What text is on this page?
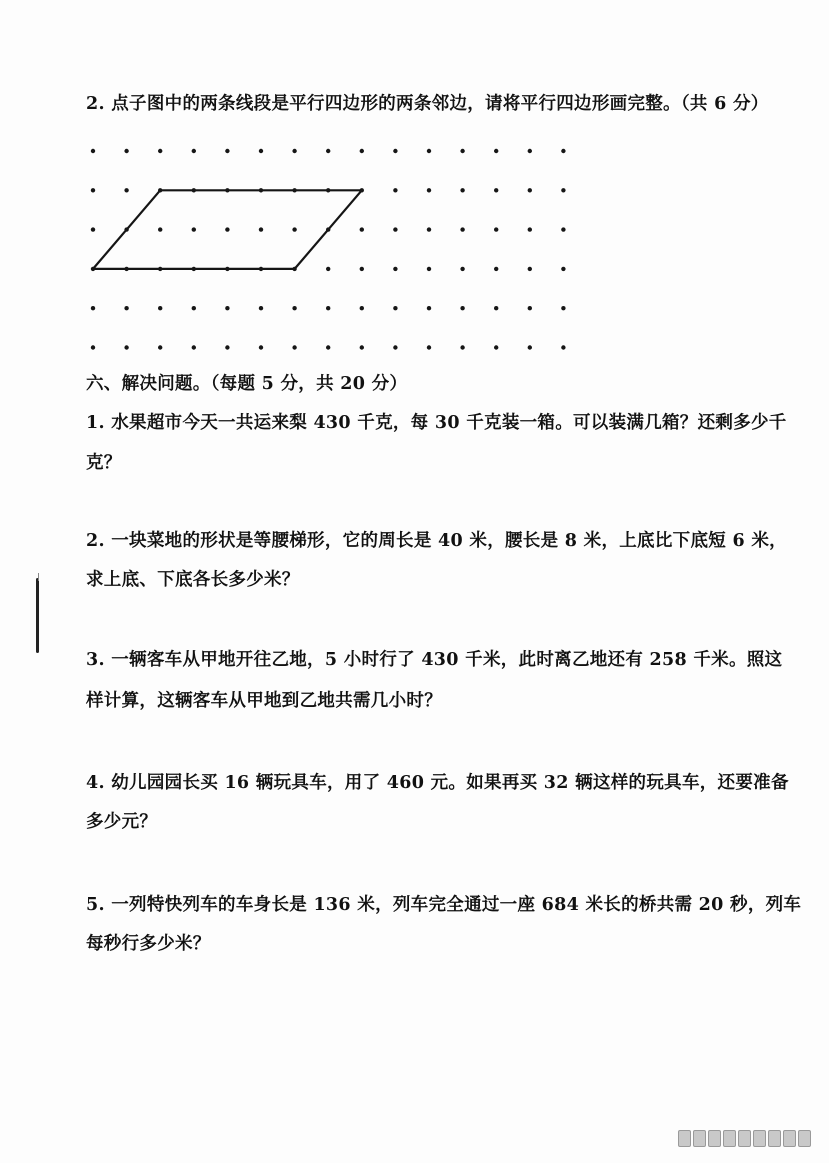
2. 点子图中的两条线段是平行四边形的两条邻边，请将平行四边形画完整。（共 6 分）
六、解决问题。（每题 5 分，共 20 分）
1. 水果超市今天一共运来梨 430 千克，每 30 千克装一箱。可以装满几箱？还剩多少千
克？
2. 一块菜地的形状是等腰梯形，它的周长是 40 米，腰长是 8 米，上底比下底短 6 米，
求上底、下底各长多少米？
3. 一辆客车从甲地开往乙地，5 小时行了 430 千米，此时离乙地还有 258 千米。照这
样计算，这辆客车从甲地到乙地共需几小时？
4. 幼儿园园长买 16 辆玩具车，用了 460 元。如果再买 32 辆这样的玩具车，还要准备
多少元？
5. 一列特快列车的车身长是 136 米，列车完全通过一座 684 米长的桥共需 20 秒，列车
每秒行多少米？
